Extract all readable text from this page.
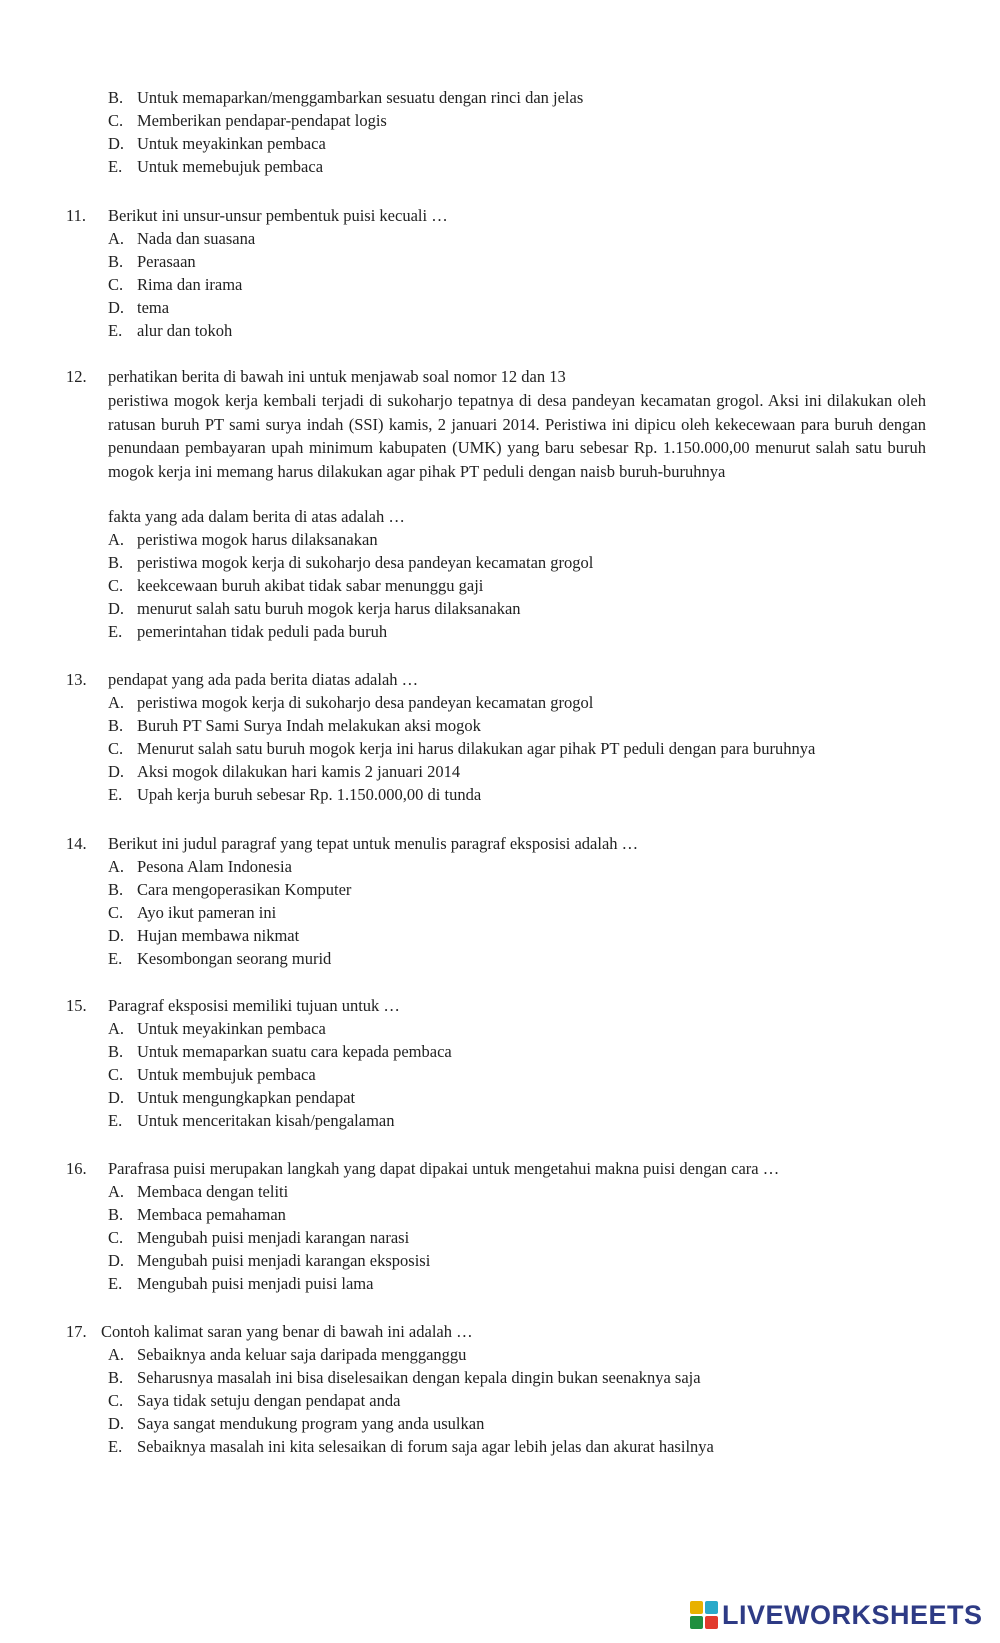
B. Untuk memaparkan/menggambarkan sesuatu dengan rinci dan jelas
C. Memberikan pendapar-pendapat logis
D. Untuk meyakinkan pembaca
E. Untuk memebujuk pembaca
11. Berikut ini unsur-unsur pembentuk puisi kecuali …
A. Nada dan suasana
B. Perasaan
C. Rima dan irama
D. tema
E. alur dan tokoh
12. perhatikan berita di bawah ini untuk menjawab soal nomor 12 dan 13
peristiwa mogok kerja kembali terjadi di sukoharjo tepatnya di desa pandeyan kecamatan grogol. Aksi ini dilakukan oleh ratusan buruh PT sami surya indah (SSI) kamis, 2 januari 2014. Peristiwa ini dipicu oleh kekecewaan para buruh dengan penundaan pembayaran upah minimum kabupaten (UMK) yang baru sebesar Rp. 1.150.000,00 menurut salah satu buruh mogok kerja ini memang harus dilakukan agar pihak PT peduli dengan naisb buruh-buruhnya
fakta yang ada dalam berita di atas adalah …
A. peristiwa mogok harus dilaksanakan
B. peristiwa mogok kerja di sukoharjo desa pandeyan kecamatan grogol
C. keekcewaan buruh akibat tidak sabar menunggu gaji
D. menurut salah satu buruh mogok kerja harus dilaksanakan
E. pemerintahan tidak peduli pada buruh
13. pendapat yang ada pada berita diatas adalah …
A. peristiwa mogok kerja di sukoharjo desa pandeyan kecamatan grogol
B. Buruh PT Sami Surya Indah melakukan aksi mogok
C. Menurut salah satu buruh mogok kerja ini harus dilakukan agar pihak PT peduli dengan para buruhnya
D. Aksi mogok dilakukan hari kamis 2 januari 2014
E. Upah kerja buruh sebesar Rp. 1.150.000,00 di tunda
14. Berikut ini judul paragraf yang tepat untuk menulis paragraf eksposisi adalah …
A. Pesona Alam Indonesia
B. Cara mengoperasikan Komputer
C. Ayo ikut pameran ini
D. Hujan membawa nikmat
E. Kesombongan seorang murid
15. Paragraf eksposisi memiliki tujuan untuk …
A. Untuk meyakinkan pembaca
B. Untuk memaparkan suatu cara kepada pembaca
C. Untuk membujuk pembaca
D. Untuk mengungkapkan pendapat
E. Untuk menceritakan kisah/pengalaman
16. Parafrasa puisi merupakan langkah yang dapat dipakai untuk mengetahui makna puisi dengan cara …
A. Membaca dengan teliti
B. Membaca pemahaman
C. Mengubah puisi menjadi karangan narasi
D. Mengubah puisi menjadi karangan eksposisi
E. Mengubah puisi menjadi puisi lama
17. Contoh kalimat saran yang benar di bawah ini adalah …
A. Sebaiknya anda keluar saja daripada mengganggu
B. Seharusnya masalah ini bisa diselesaikan dengan kepala dingin bukan seenaknya saja
C. Saya tidak setuju dengan pendapat anda
D. Saya sangat mendukung program yang anda usulkan
E. Sebaiknya masalah ini kita selesaikan di forum saja agar lebih jelas dan akurat hasilnya
LIVEWORKSHEETS
